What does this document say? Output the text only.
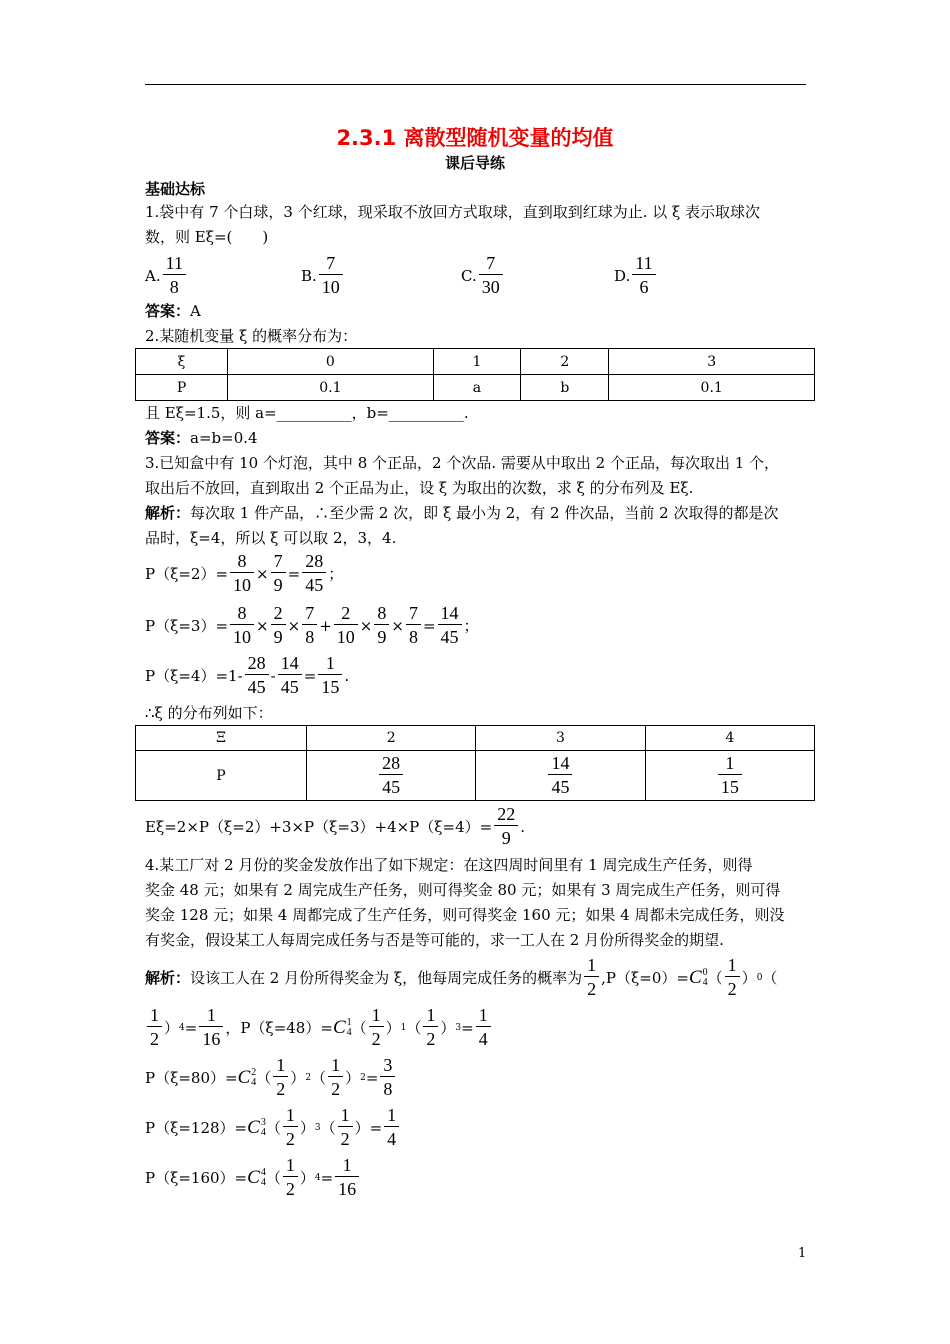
2.3.1 离散型随机变量的均值
课后导练
基础达标
1.袋中有 7 个白球，3 个红球，现采取不放回方式取球，直到取到红球为止. 以 ξ 表示取球次
数，则 Eξ=(　　)
A. $\frac{11}{8}$	B. $\frac{7}{10}$	C. $\frac{7}{30}$	D. $\frac{11}{6}$
答案：A
2.某随机变量 ξ 的概率分布为：
ξ	0	1	2	3
P	0.1	a	b	0.1
且 Eξ=1.5，则 a=__________，b=__________.
答案：a=b=0.4
3.已知盒中有 10 个灯泡，其中 8 个正品，2 个次品. 需要从中取出 2 个正品，每次取出 1 个，
取出后不放回，直到取出 2 个正品为止，设 ξ 为取出的次数，求 ξ 的分布列及 Eξ.
解析：每次取 1 件产品，∴至少需 2 次，即 ξ 最小为 2，有 2 件次品，当前 2 次取得的都是次
品时，ξ=4，所以 ξ 可以取 2，3，4.
$P(\xi=2)= \frac{8}{10} \times \frac{7}{9} = \frac{28}{45}$ ；
$P(\xi=3)= \frac{8}{10} \times \frac{2}{9} \times \frac{7}{8} + \frac{2}{10} \times \frac{8}{9} \times \frac{7}{8} = \frac{14}{45}$ ；
$P(\xi=4)=1- \frac{28}{45} - \frac{14}{45} = \frac{1}{15}$ .
∴ξ 的分布列如下：
Ξ	2	3	4
P	$\frac{28}{45}$	$\frac{14}{45}$	$\frac{1}{15}$
$E\xi=2\times P(\xi=2)+3\times P(\xi=3)+4\times P(\xi=4)= \frac{22}{9}$ .
4.某工厂对 2 月份的奖金发放作出了如下规定：在这四周时间里有 1 周完成生产任务，则得
奖金 48 元；如果有 2 周完成生产任务，则可得奖金 80 元；如果有 3 周完成生产任务，则可得
奖金 128 元；如果 4 周都完成了生产任务，则可得奖金 160 元；如果 4 周都未完成任务，则没
有奖金，假设某工人每周完成任务与否是等可能的，求一工人在 2 月份所得奖金的期望.
解析： 设该工人在 2 月份所得奖金为 ξ，他每周完成任务的概率为 $\frac{1}{2}$ , P（ξ=0）= C 0
4 （ $\frac{1}{2}$ ） 0 （
$\frac{1}{2}$ ） $4 = \frac{1}{16}$ ， P（ξ=48）= C 1
4 （ $\frac{1}{2}$ ） 1 （ $\frac{1}{2}$ ） $3 = \frac{1}{4}$
P（ξ=80）= C 2
4 （ $\frac{1}{2}$ ） 2 （ $\frac{1}{2}$ ） $2 = \frac{3}{8}$
P（ξ=128）= C 3
4 （ $\frac{1}{2}$ ） 3 （ $\frac{1}{2}$ ）= $\frac{1}{4}$
P（ξ=160）= C 4
4 （ $\frac{1}{2}$ ） $4 = \frac{1}{16}$
1
